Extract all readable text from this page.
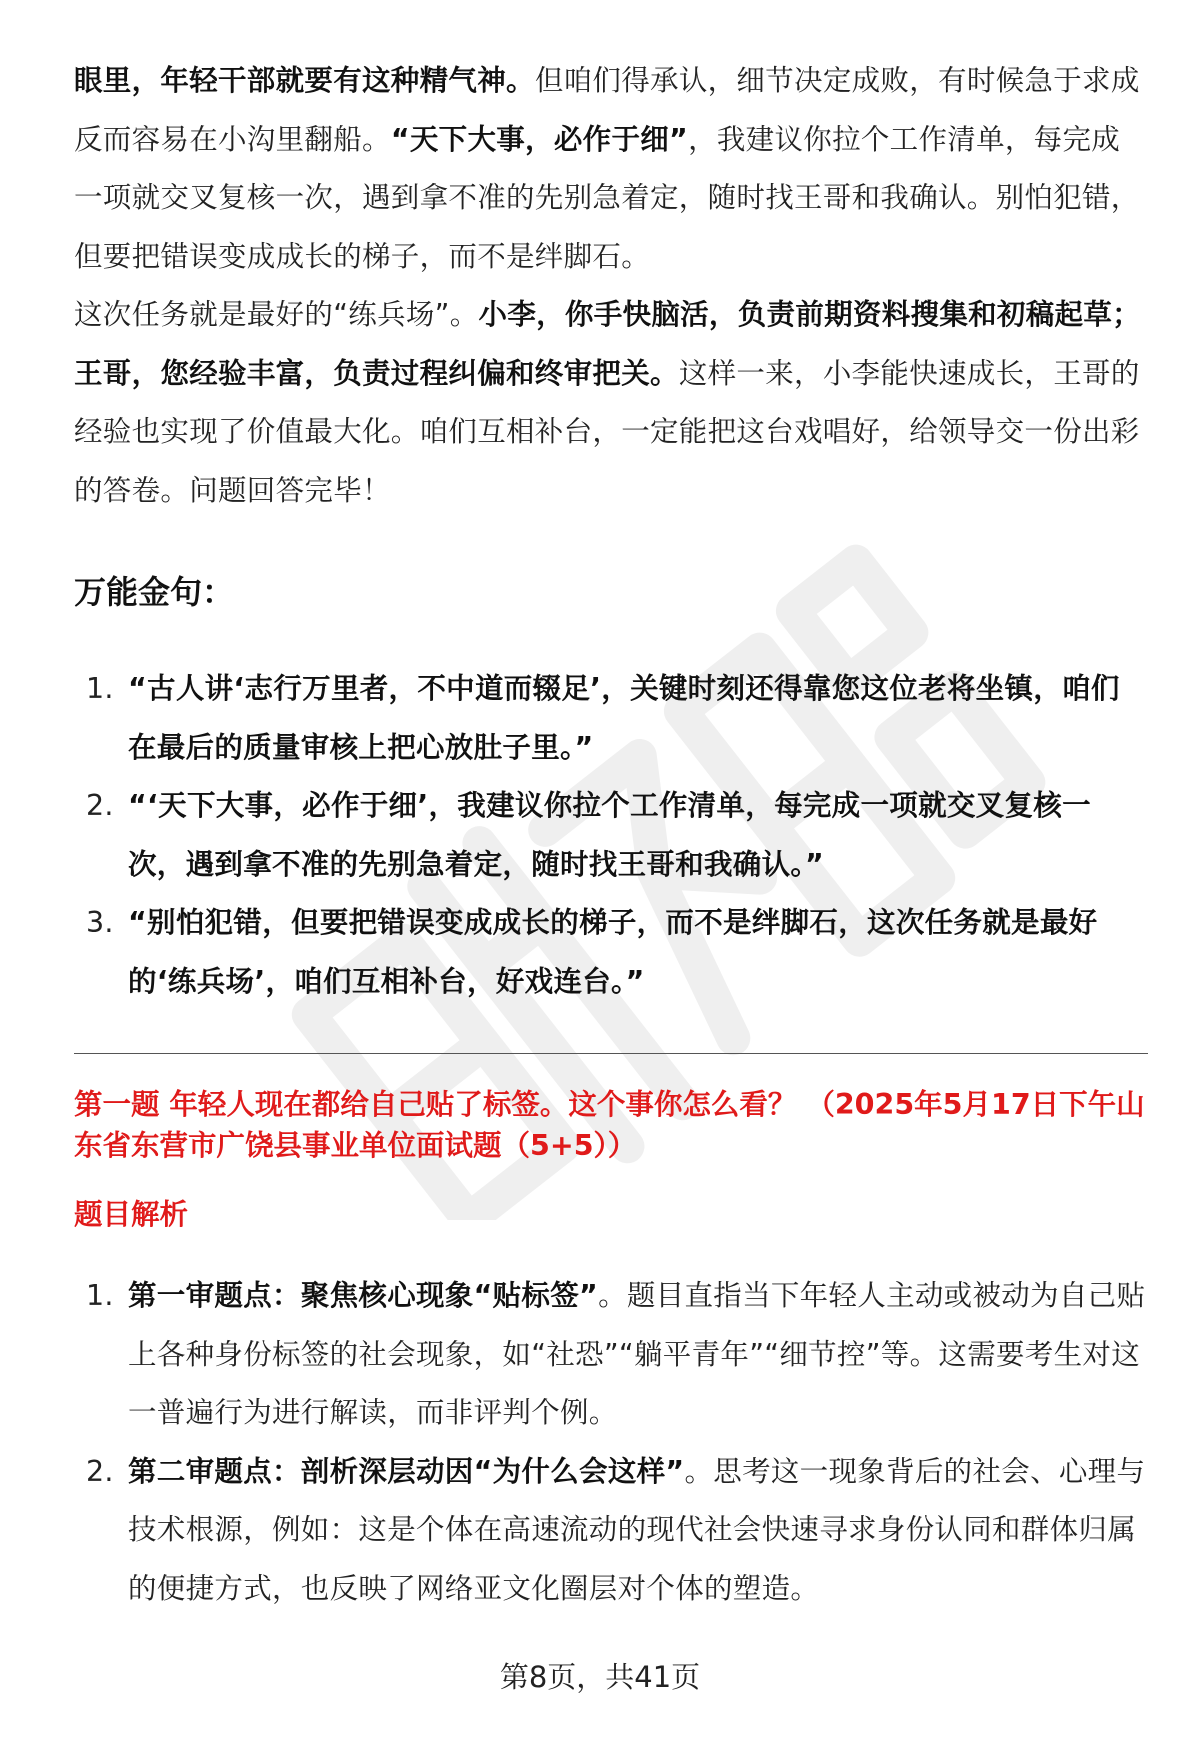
眼里，年轻干部就要有这种精气神。但咱们得承认，细节决定成败，有时候急于求成反而容易在小沟里翻船。“天下大事，必作于细”，我建议你拉个工作清单，每完成一项就交叉复核一次，遇到拿不准的先别急着定，随时找王哥和我确认。别怕犯错，但要把错误变成成长的梯子，而不是绊脚石。

这次任务就是最好的“练兵场”。小李，你手快脑活，负责前期资料搜集和初稿起草；王哥，您经验丰富，负责过程纠偏和终审把关。这样一来，小李能快速成长，王哥的经验也实现了价值最大化。咱们互相补台，一定能把这台戏唱好，给领导交一份出彩的答卷。问题回答完毕！

万能金句：
1. “古人讲‘志行万里者，不中道而辍足’，关键时刻还得靠您这位老将坐镇，咱们在最后的质量审核上把心放肚子里。”
2. “‘天下大事，必作于细’，我建议你拉个工作清单，每完成一项就交叉复核一次，遇到拿不准的先别急着定，随时找王哥和我确认。”
3. “别怕犯错，但要把错误变成成长的梯子，而不是绊脚石，这次任务就是最好的‘练兵场’，咱们互相补台，好戏连台。”
第一题 年轻人现在都给自己贴了标签。这个事你怎么看？ （2025年5月17日下午山东省东营市广饶县事业单位面试题（5+5））
题目解析
1. 第一审题点：聚焦核心现象“贴标签”。题目直指当下年轻人主动或被动为自己贴上各种身份标签的社会现象，如“社恐”“躺平青年”“细节控”等。这需要考生对这一普遍行为进行解读，而非评判个例。
2. 第二审题点：剖析深层动因“为什么会这样”。思考这一现象背后的社会、心理与技术根源，例如：这是个体在高速流动的现代社会快速寻求身份认同和群体归属的便捷方式，也反映了网络亚文化圈层对个体的塑造。
第8页，共41页
